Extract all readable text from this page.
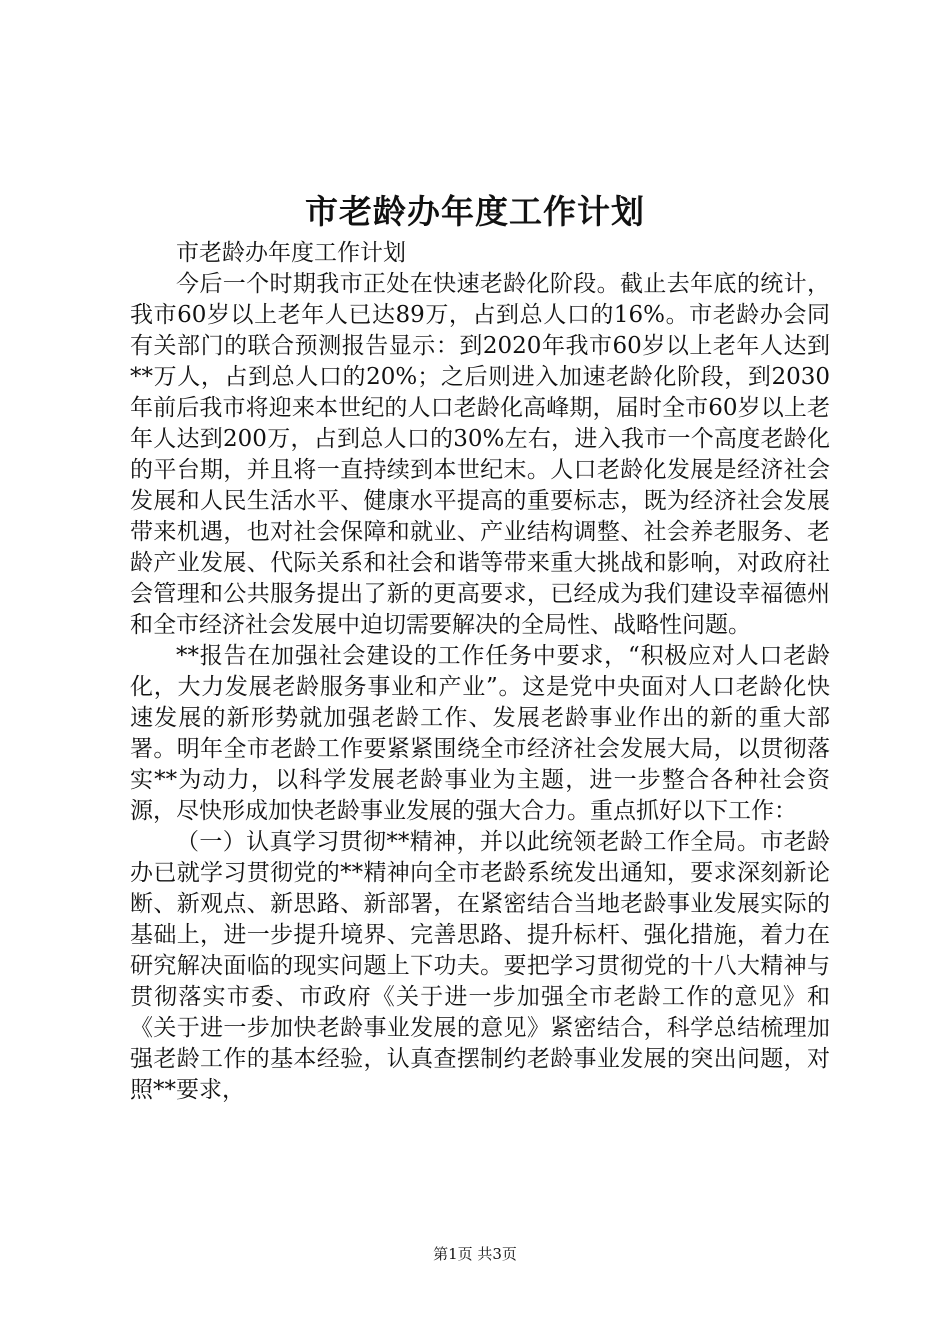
市老龄办年度工作计划

市老龄办年度工作计划

今后一个时期我市正处在快速老龄化阶段。截止去年底的统计，我市60岁以上老年人已达89万，占到总人口的16%。市老龄办会同有关部门的联合预测报告显示：到2020年我市60岁以上老年人达到**万人，占到总人口的20%；之后则进入加速老龄化阶段，到2030年前后我市将迎来本世纪的人口老龄化高峰期，届时全市60岁以上老年人达到200万，占到总人口的30%左右，进入我市一个高度老龄化的平台期，并且将一直持续到本世纪末。人口老龄化发展是经济社会发展和人民生活水平、健康水平提高的重要标志，既为经济社会发展带来机遇，也对社会保障和就业、产业结构调整、社会养老服务、老龄产业发展、代际关系和社会和谐等带来重大挑战和影响，对政府社会管理和公共服务提出了新的更高要求，已经成为我们建设幸福德州和全市经济社会发展中迫切需要解决的全局性、战略性问题。

**报告在加强社会建设的工作任务中要求，“积极应对人口老龄化，大力发展老龄服务事业和产业”。这是党中央面对人口老龄化快速发展的新形势就加强老龄工作、发展老龄事业作出的新的重大部署。明年全市老龄工作要紧紧围绕全市经济社会发展大局，以贯彻落实**为动力，以科学发展老龄事业为主题，进一步整合各种社会资源，尽快形成加快老龄事业发展的强大合力。重点抓好以下工作：

（一）认真学习贯彻**精神，并以此统领老龄工作全局。市老龄办已就学习贯彻党的**精神向全市老龄系统发出通知，要求深刻新论断、新观点、新思路、新部署，在紧密结合当地老龄事业发展实际的基础上，进一步提升境界、完善思路、提升标杆、强化措施，着力在研究解决面临的现实问题上下功夫。要把学习贯彻党的十八大精神与贯彻落实市委、市政府《关于进一步加强全市老龄工作的意见》和《关于进一步加快老龄事业发展的意见》紧密结合，科学总结梳理加强老龄工作的基本经验，认真查摆制约老龄事业发展的突出问题，对照**要求，

第1页 共3页
